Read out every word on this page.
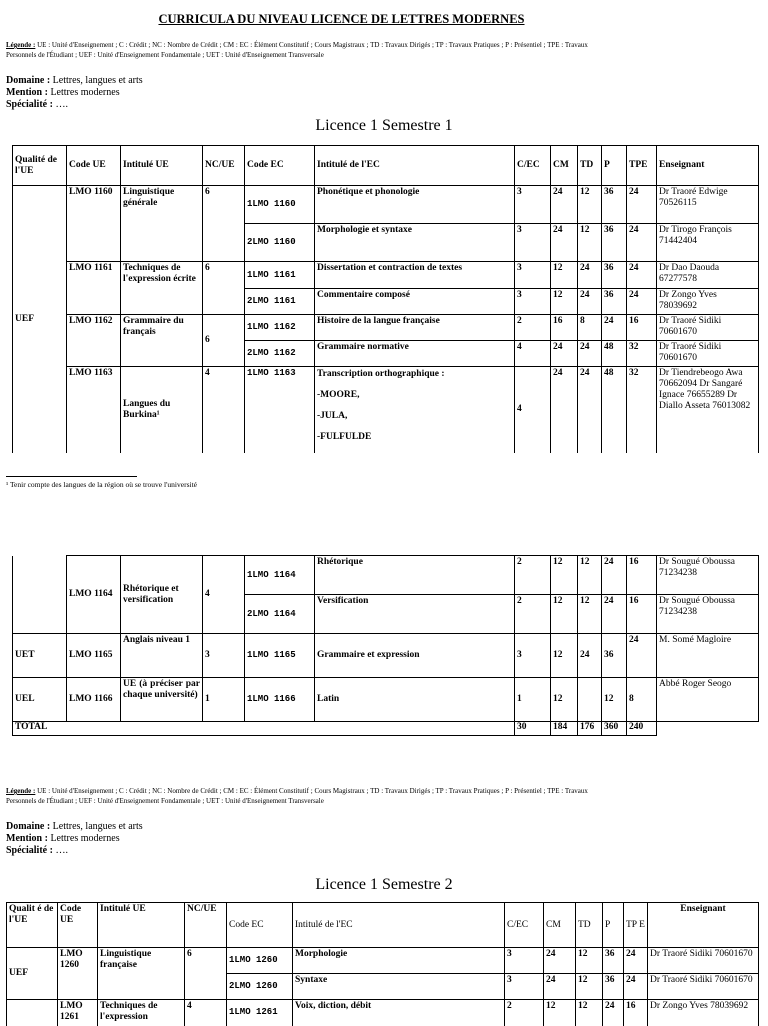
CURRICULA DU NIVEAU LICENCE DE LETTRES MODERNES
Légende : UE : Unité d'Enseignement ; C : Crédit ; NC : Nombre de Crédit ; CM : EC : Élément Constitutif ; Cours Magistraux ; TD : Travaux Dirigés ; TP : Travaux Pratiques ; P : Présentiel ; TPE : Travaux
Personnels de l'Étudiant ; UEF : Unité d'Enseignement Fondamentale ; UET : Unité d'Enseignement Transversale
Domaine : Lettres, langues et arts
Mention : Lettres modernes
Spécialité : ….
Licence 1 Semestre 1
Qualité de l'UE	Code UE	Intitulé UE	NC/UE	Code EC	Intitulé de l'EC	C/EC	CM	TD	P	TPE	Enseignant
UEF	LMO 1160	Linguistique générale	6	1LMO 1160	Phonétique et phonologie	3	24	12	36	24	Dr Traoré Edwige 70526115
				2LMO 1160	Morphologie et syntaxe	3	24	12	36	24	Dr Tirogo François 71442404
	LMO 1161	Techniques de l'expression écrite	6	1LMO 1161	Dissertation et contraction de textes	3	12	24	36	24	Dr Dao Daouda 67277578
				2LMO 1161	Commentaire composé	3	12	24	36	24	Dr Zongo Yves 78039692
	LMO 1162	Grammaire du français	6	1LMO 1162	Histoire de la langue française	2	16	8	24	16	Dr Traoré Sidiki 70601670
				2LMO 1162	Grammaire normative	4	24	24	48	32	Dr Traoré Sidiki 70601670
	LMO 1163	Langues du Burkina¹	4	1LMO 1163	Transcription orthographique :
-MOORE,
-JULA,
-FULFULDE	4	24	24	48	32	Dr Tiendrebeogo Awa 70662094 Dr Sangaré Ignace 76655289 Dr Diallo Asseta 76013082
¹ Tenir compte des langues de la région où se trouve l'université
	LMO 1164	Rhétorique et versification	4	1LMO 1164	Rhétorique	2	12	12	24	16	Dr Sougué Oboussa 71234238
				2LMO 1164	Versification	2	12	12	24	16	Dr Sougué Oboussa 71234238
UET	LMO 1165	Anglais niveau 1	3	1LMO 1165	Grammaire et expression	3	12	24	36	24	M. Somé Magloire
UEL	LMO 1166	UE (à préciser par chaque université)	1	1LMO 1166	Latin	1	12		12	8	Abbé Roger Seogo
TOTAL						30	184	176	360	240	
Légende : UE : Unité d'Enseignement ; C : Crédit ; NC : Nombre de Crédit ; CM : EC : Élément Constitutif ; Cours Magistraux ; TD : Travaux Dirigés ; TP : Travaux Pratiques ; P : Présentiel ; TPE : Travaux
Personnels de l'Étudiant ; UEF : Unité d'Enseignement Fondamentale ; UET : Unité d'Enseignement Transversale
Domaine : Lettres, langues et arts
Mention : Lettres modernes
Spécialité : ….
Licence 1 Semestre 2
Qualit é de l'UE	Code UE	Intitulé UE	NC/UE	Code EC	Intitulé de l'EC	C/EC	CM	TD	P	TP E	Enseignant
UEF	LMO 1260	Linguistique française	6	1LMO 1260	Morphologie	3	24	12	36	24	Dr Traoré Sidiki 70601670
				2LMO 1260	Syntaxe	3	24	12	36	24	Dr Traoré Sidiki 70601670
	LMO 1261	Techniques de l'expression	4	1LMO 1261	Voix, diction, débit	2	12	12	24	16	Dr Zongo Yves 78039692
